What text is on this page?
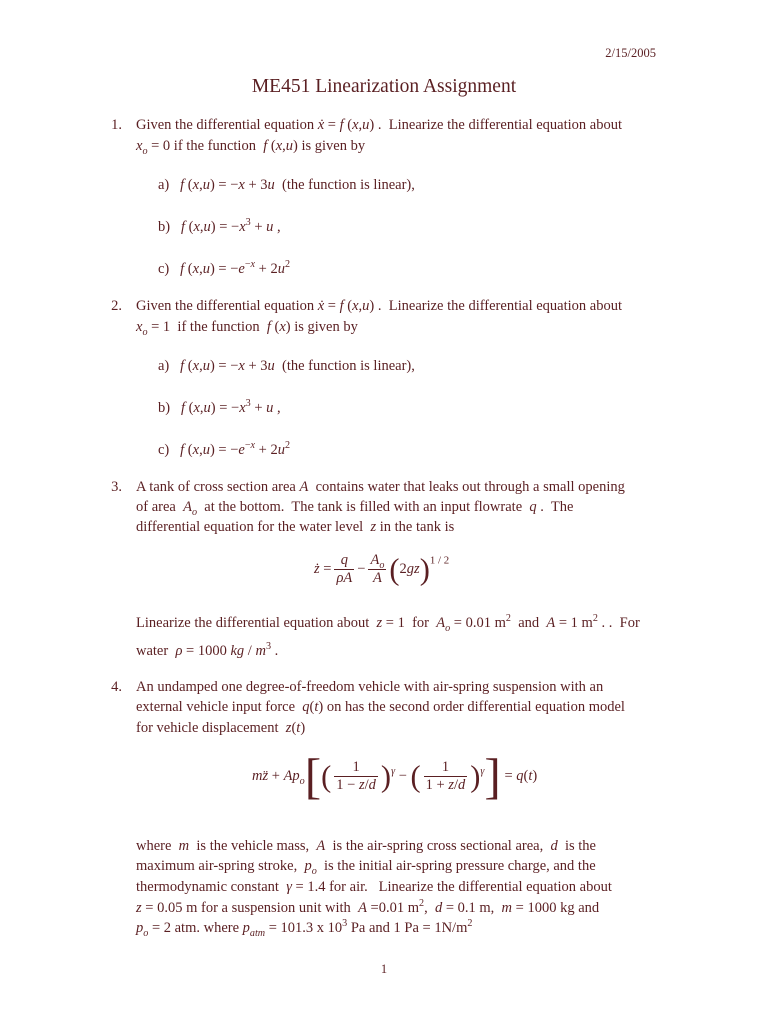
2/15/2005
ME451 Linearization Assignment
1. Given the differential equation ẋ = f (x,u) .  Linearize the differential equation about
$x_o = 0$ if the function  f (x,u) is given by
a)   f (x,u) = −x + 3u  (the function is linear),
b)   f $(x,u) = -x^3 + u$ ,
c)   f $(x,u) = -e^{-x} + 2u^2$
2. Given the differential equation ẋ = f (x,u) .  Linearize the differential equation about
$x_o = 1$  if the function  f (x) is given by
a)   f (x,u) = −x + 3u  (the function is linear),
b)   f $(x,u) = -x^3 + u$ ,
c)   f $(x,u) = -e^{-x} + 2u^2$
3. A tank of cross section area A  contains water that leaks out through a small opening
of area  $A_o$  at the bottom.  The tank is filled with an input flowrate  q .  The
differential equation for the water level  z in the tank is
ż = $\frac{q}{\rho A} - \frac{A_o}{A} (2gz)^{1 / 2}$
Linearize the differential equation about  z = 1  for  $A_o = 0.01$ $m^2$  and  A = 1 $m^2$ . .  For
water  ρ = 1000 kg / $m^3$ .
4. An undamped one degree-of-freedom vehicle with air-spring suspension with an
external vehicle input force  q(t) on has the second order differential equation model
for vehicle displacement  z(t)
mz̈ + $Ap_o[( \frac{1}{1 - z/d} )^\gamma$ − ( $\frac{1}{1 + z/d} )^\gamma] = q(t)$
where  m  is the vehicle mass,  A  is the air-spring cross sectional area,  d  is the
maximum air-spring stroke,  $p_o$  is the initial air-spring pressure charge, and the
thermodynamic constant  γ = 1.4 for air.   Linearize the differential equation about
z = 0.05 m for a suspension unit with  A =0.01 $m^2$,  d = 0.1 m,  m = 1000 kg and
$p_o = 2$ atm. where $p_{atm} = 101.3$ x $10^3$ Pa and 1 $Pa = 1N/m^2$
1
